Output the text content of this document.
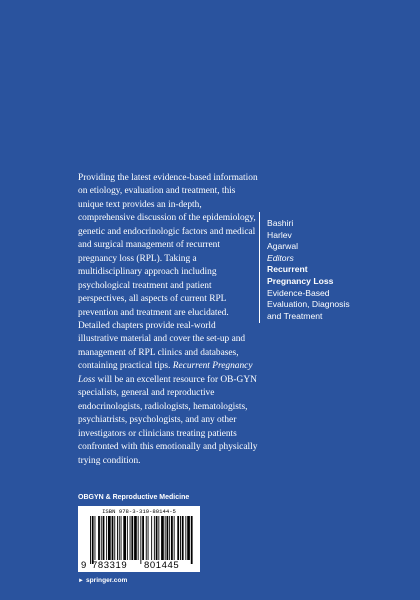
Providing the latest evidence-based information on etiology, evaluation and treatment, this unique text provides an in-depth, comprehensive discussion of the epidemiology, genetic and endocrinologic factors and medical and surgical management of recurrent pregnancy loss (RPL). Taking a multidisciplinary approach including psychological treatment and patient perspectives, all aspects of current RPL prevention and treatment are elucidated. Detailed chapters provide real-world illustrative material and cover the set-up and management of RPL clinics and databases, containing practical tips. Recurrent Pregnancy Loss will be an excellent resource for OB-GYN specialists, general and reproductive endocrinologists, radiologists, hematologists, psychiatrists, psychologists, and any other investigators or clinicians treating patients confronted with this emotionally and physically trying condition.

Bashiri
Harlev
Agarwal
Editors
Recurrent
Pregnancy Loss
Evidence-Based
Evaluation, Diagnosis
and Treatment
OBGYN & Reproductive Medicine
ISBN 978-3-319-80144-5
9 783319 801445
► springer.com
